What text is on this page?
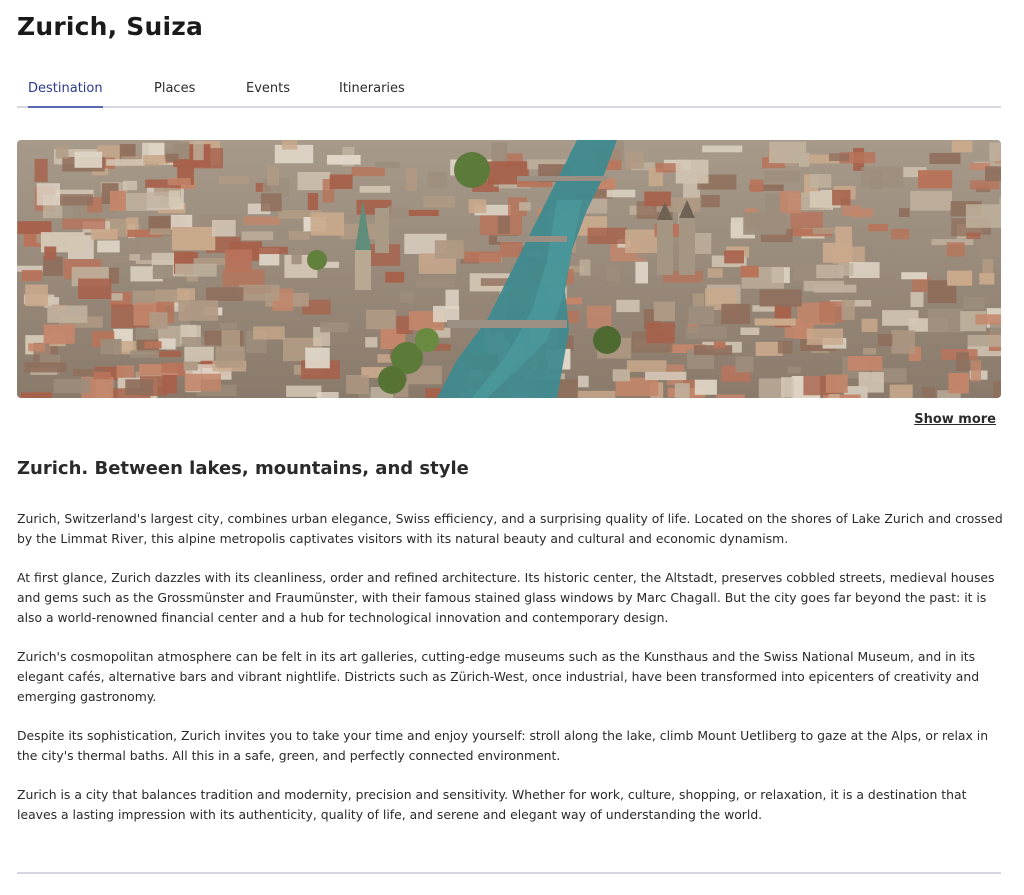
Zurich, Suiza
Destination	Places	Events	Itineraries
Show more
Zurich. Between lakes, mountains, and style

Zurich, Switzerland's largest city, combines urban elegance, Swiss efficiency, and a surprising quality of life. Located on the shores of Lake Zurich and crossed by the Limmat River, this alpine metropolis captivates visitors with its natural beauty and cultural and economic dynamism.

At first glance, Zurich dazzles with its cleanliness, order and refined architecture. Its historic center, the Altstadt, preserves cobbled streets, medieval houses and gems such as the Grossmünster and Fraumünster, with their famous stained glass windows by Marc Chagall. But the city goes far beyond the past: it is also a world-renowned financial center and a hub for technological innovation and contemporary design.

Zurich's cosmopolitan atmosphere can be felt in its art galleries, cutting-edge museums such as the Kunsthaus and the Swiss National Museum, and in its elegant cafés, alternative bars and vibrant nightlife. Districts such as Zürich-West, once industrial, have been transformed into epicenters of creativity and emerging gastronomy.

Despite its sophistication, Zurich invites you to take your time and enjoy yourself: stroll along the lake, climb Mount Uetliberg to gaze at the Alps, or relax in the city's thermal baths. All this in a safe, green, and perfectly connected environment.

Zurich is a city that balances tradition and modernity, precision and sensitivity. Whether for work, culture, shopping, or relaxation, it is a destination that leaves a lasting impression with its authenticity, quality of life, and serene and elegant way of understanding the world.
